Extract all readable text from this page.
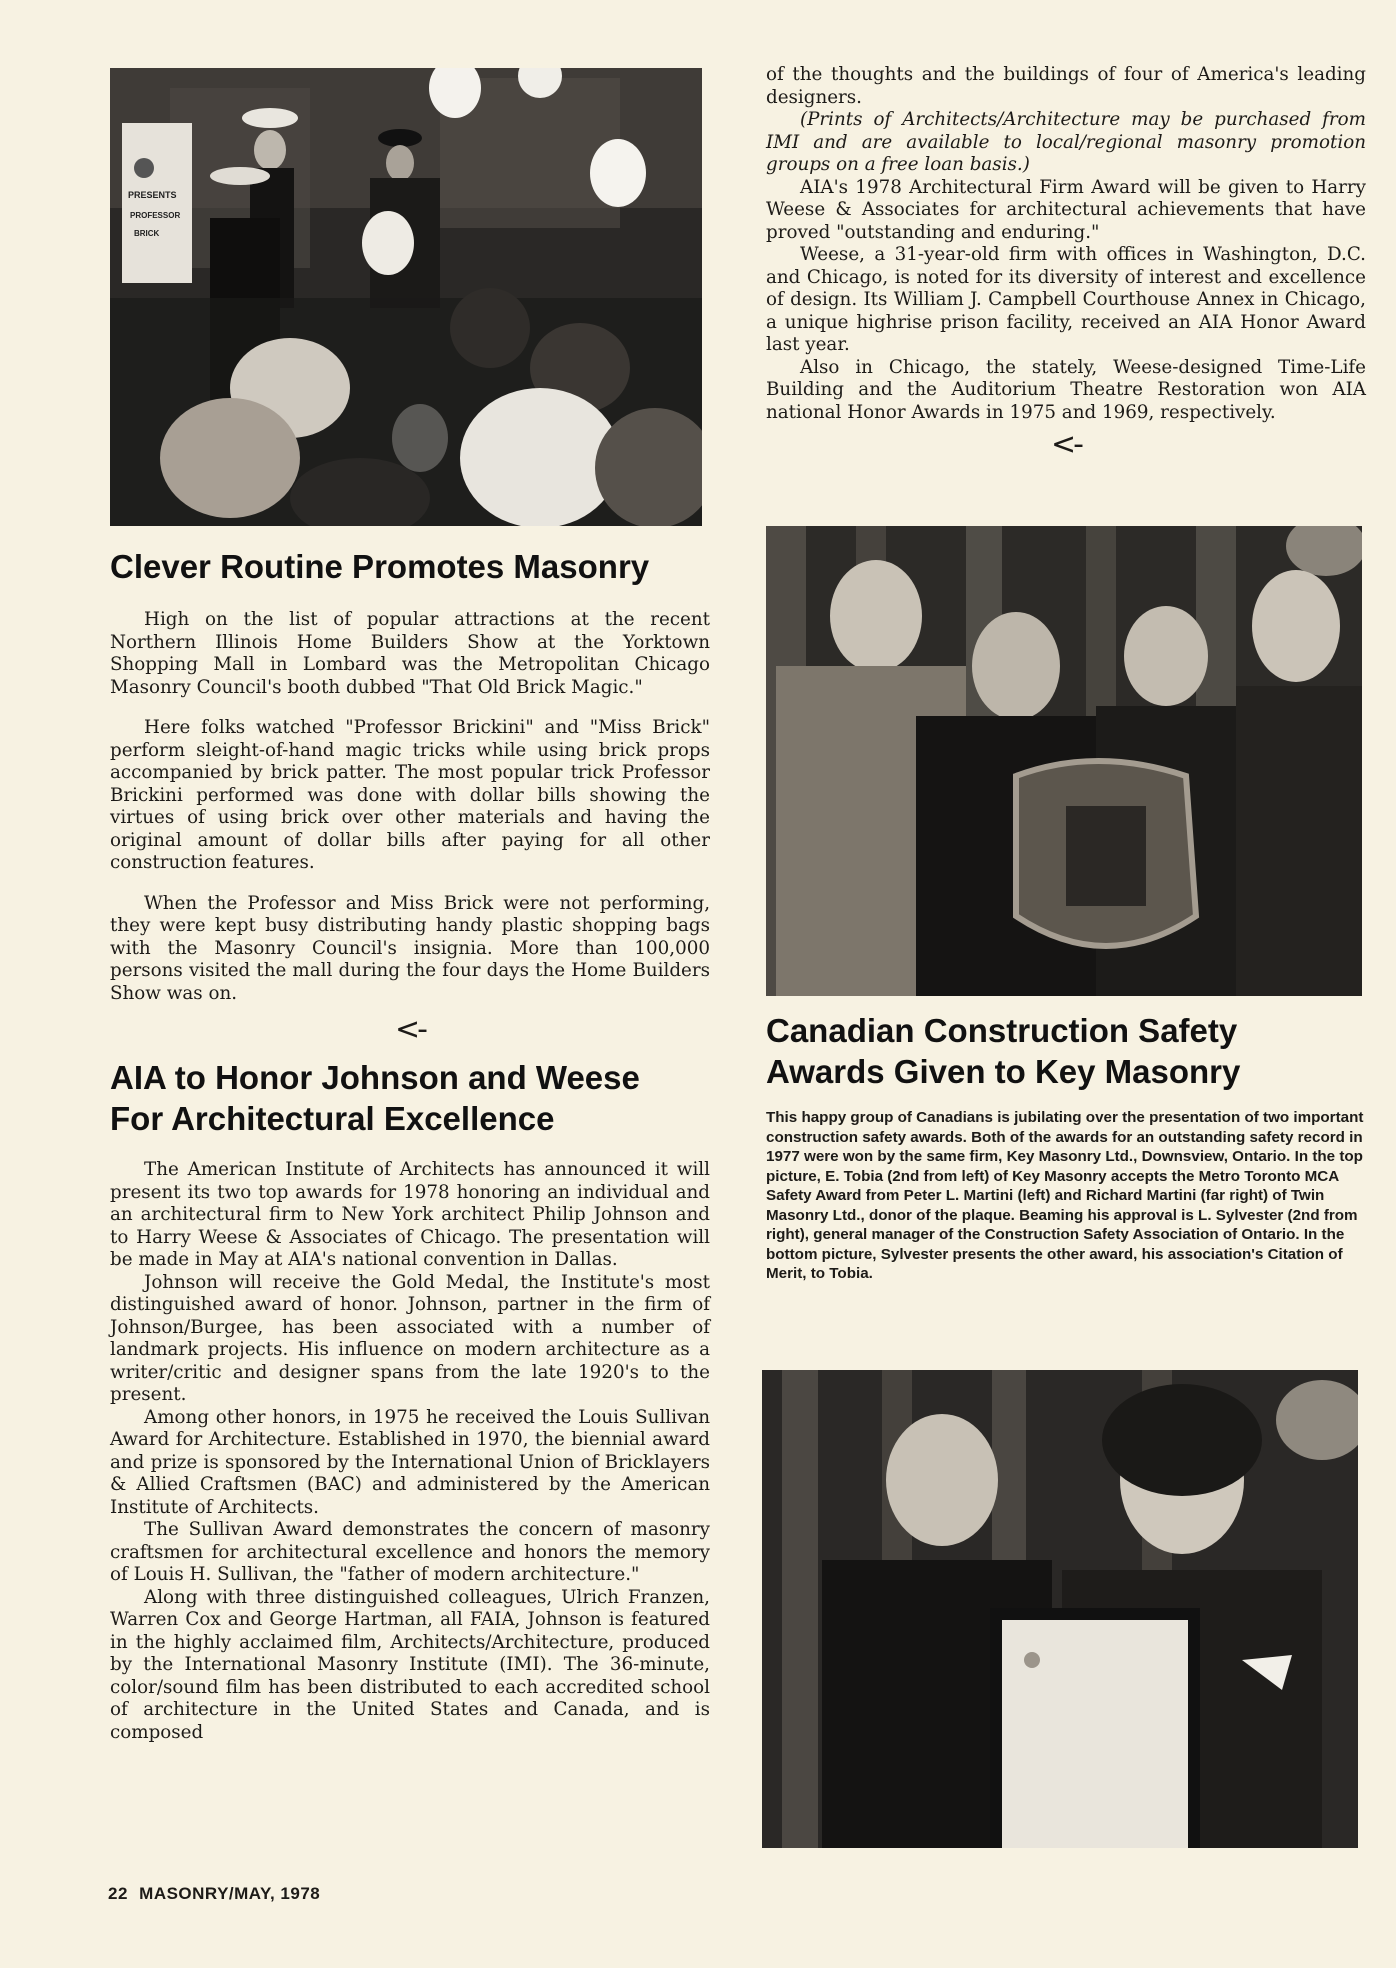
PRESENTS
PROFESSOR
BRICK
Clever Routine Promotes Masonry

High on the list of popular attractions at the recent Northern Illinois Home Builders Show at the Yorktown Shopping Mall in Lombard was the Metropolitan Chicago Masonry Council's booth dubbed "That Old Brick Magic."

Here folks watched "Professor Brickini" and "Miss Brick" perform sleight-of-hand magic tricks while using brick props accompanied by brick patter. The most popular trick Professor Brickini performed was done with dollar bills showing the virtues of using brick over other materials and having the original amount of dollar bills after paying for all other construction features.

When the Professor and Miss Brick were not performing, they were kept busy distributing handy plastic shopping bags with the Masonry Council's insignia. More than 100,000 persons visited the mall during the four days the Home Builders Show was on.

<-
AIA to Honor Johnson and Weese
For Architectural Excellence

The American Institute of Architects has announced it will present its two top awards for 1978 honoring an individual and an architectural firm to New York architect Philip Johnson and to Harry Weese & Associates of Chicago. The presentation will be made in May at AIA's national convention in Dallas.

Johnson will receive the Gold Medal, the Institute's most distinguished award of honor. Johnson, partner in the firm of Johnson/Burgee, has been associated with a number of landmark projects. His influence on modern architecture as a writer/critic and designer spans from the late 1920's to the present.

Among other honors, in 1975 he received the Louis Sullivan Award for Architecture. Established in 1970, the biennial award and prize is sponsored by the International Union of Bricklayers & Allied Craftsmen (BAC) and administered by the American Institute of Architects.

The Sullivan Award demonstrates the concern of masonry craftsmen for architectural excellence and honors the memory of Louis H. Sullivan, the "father of modern architecture."

Along with three distinguished colleagues, Ulrich Franzen, Warren Cox and George Hartman, all FAIA, Johnson is featured in the highly acclaimed film, Architects/Architecture, produced by the International Masonry Institute (IMI). The 36-minute, color/sound film has been distributed to each accredited school of architecture in the United States and Canada, and is composed

of the thoughts and the buildings of four of America's leading designers.

(Prints of Architects/Architecture may be purchased from IMI and are available to local/regional masonry promotion groups on a free loan basis.)

AIA's 1978 Architectural Firm Award will be given to Harry Weese & Associates for architectural achievements that have proved "outstanding and enduring."

Weese, a 31-year-old firm with offices in Washington, D.C. and Chicago, is noted for its diversity of interest and excellence of design. Its William J. Campbell Courthouse Annex in Chicago, a unique highrise prison facility, received an AIA Honor Award last year.

Also in Chicago, the stately, Weese-designed Time-Life Building and the Auditorium Theatre Restoration won AIA national Honor Awards in 1975 and 1969, respectively.

<-
Canadian Construction Safety
Awards Given to Key Masonry

This happy group of Canadians is jubilating over the presentation of two important construction safety awards. Both of the awards for an outstanding safety record in 1977 were won by the same firm, Key Masonry Ltd., Downsview, Ontario. In the top picture, E. Tobia (2nd from left) of Key Masonry accepts the Metro Toronto MCA Safety Award from Peter L. Martini (left) and Richard Martini (far right) of Twin Masonry Ltd., donor of the plaque. Beaming his approval is L. Sylvester (2nd from right), general manager of the Construction Safety Association of Ontario. In the bottom picture, Sylvester presents the other award, his association's Citation of Merit, to Tobia.

22 MASONRY/MAY, 1978
